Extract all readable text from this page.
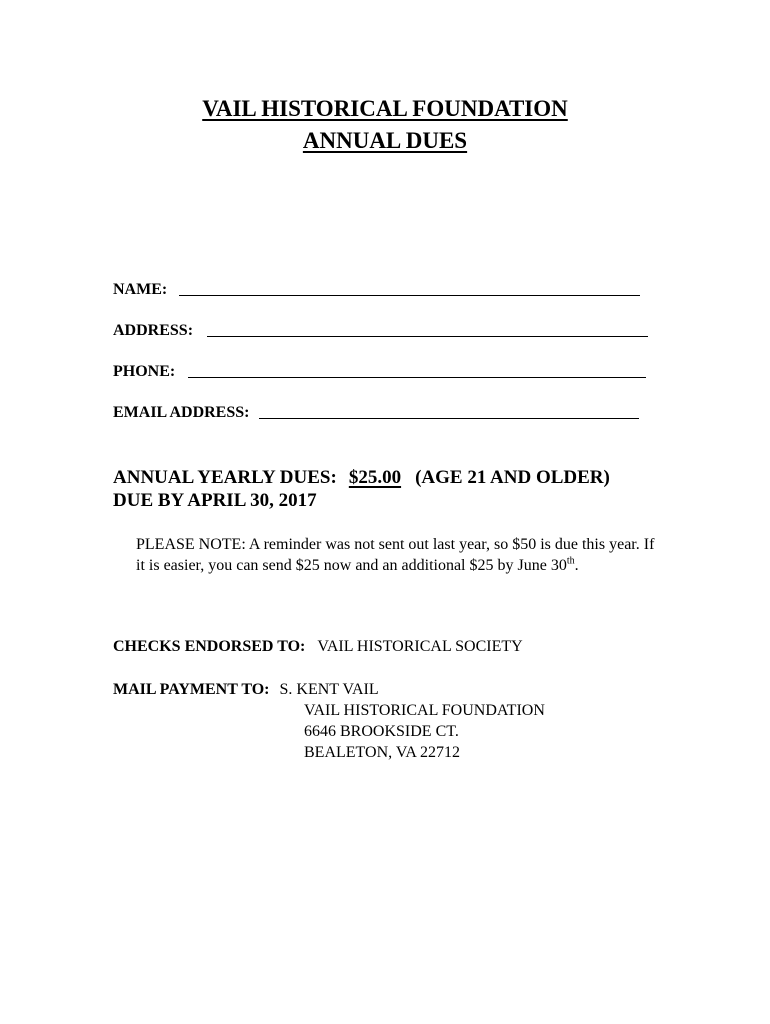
VAIL HISTORICAL FOUNDATION
ANNUAL DUES
NAME:
ADDRESS:
PHONE:
EMAIL ADDRESS:
ANNUAL YEARLY DUES: $25.00 (AGE 21 AND OLDER)
DUE BY APRIL 30, 2017
PLEASE NOTE: A reminder was not sent out last year, so $50 is due this year. If it is easier, you can send $25 now and an additional $25 by June 30th.
CHECKS ENDORSED TO: VAIL HISTORICAL SOCIETY
MAIL PAYMENT TO: S. KENT VAIL
VAIL HISTORICAL FOUNDATION
6646 BROOKSIDE CT.
BEALETON, VA 22712
